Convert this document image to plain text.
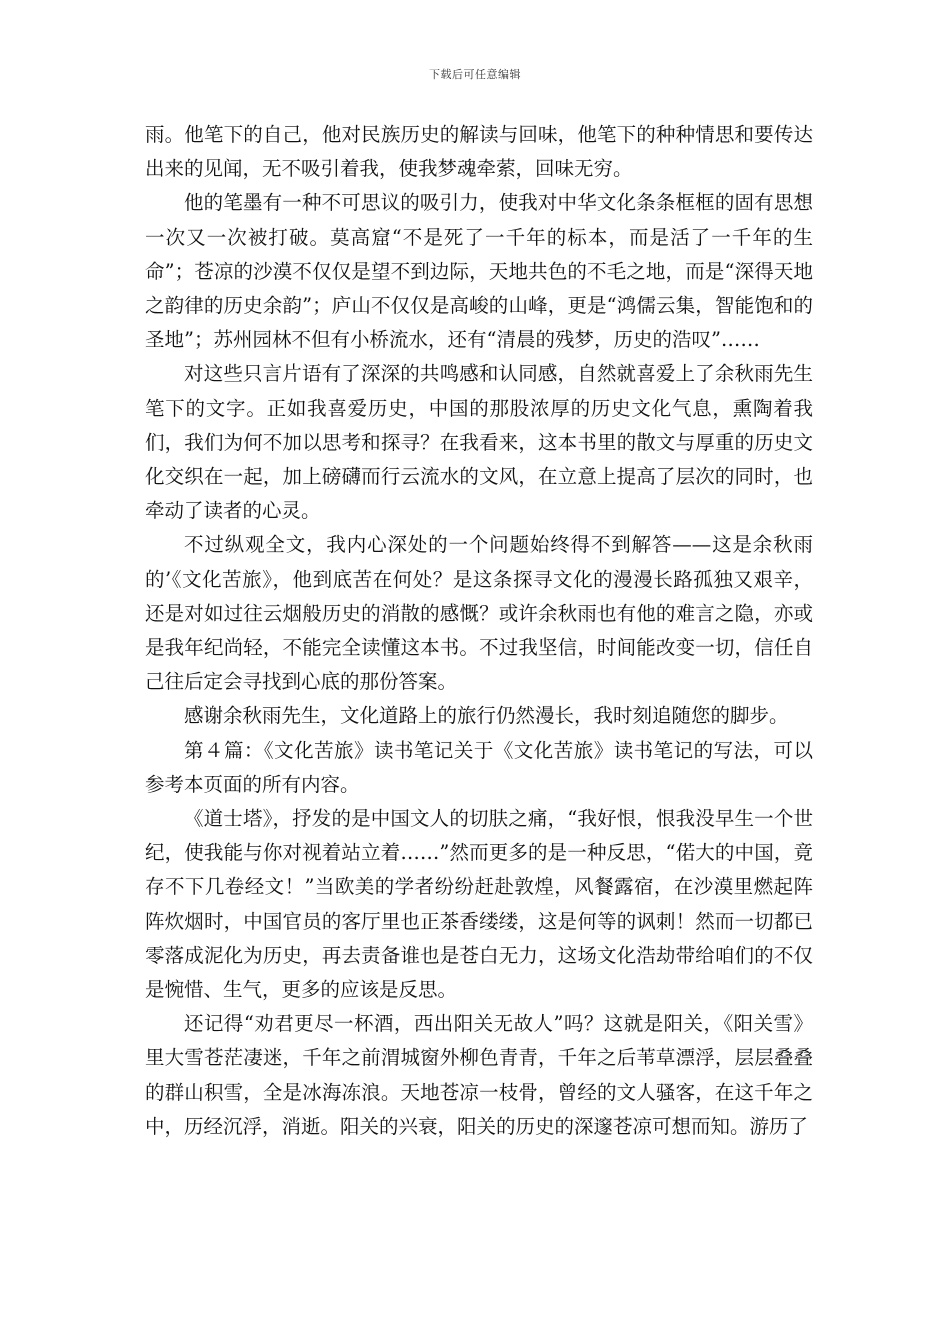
下载后可任意编辑

雨。他笔下的自己，他对民族历史的解读与回味，他笔下的种种情思和要传达出来的见闻，无不吸引着我，使我梦魂牵萦，回味无穷。

他的笔墨有一种不可思议的吸引力，使我对中华文化条条框框的固有思想一次又一次被打破。莫高窟“不是死了一千年的标本，而是活了一千年的生命”；苍凉的沙漠不仅仅是望不到边际，天地共色的不毛之地，而是“深得天地之韵律的历史余韵”；庐山不仅仅是高峻的山峰，更是“鸿儒云集，智能饱和的圣地”；苏州园林不但有小桥流水，还有“清晨的残梦，历史的浩叹”……

对这些只言片语有了深深的共鸣感和认同感，自然就喜爱上了余秋雨先生笔下的文字。正如我喜爱历史，中国的那股浓厚的历史文化气息，熏陶着我们，我们为何不加以思考和探寻？在我看来，这本书里的散文与厚重的历史文化交织在一起，加上磅礴而行云流水的文风，在立意上提高了层次的同时，也牵动了读者的心灵。

不过纵观全文，我内心深处的一个问题始终得不到解答——这是余秋雨的’《文化苦旅》，他到底苦在何处？是这条探寻文化的漫漫长路孤独又艰辛，还是对如过往云烟般历史的消散的感慨？或许余秋雨也有他的难言之隐，亦或是我年纪尚轻，不能完全读懂这本书。不过我坚信，时间能改变一切，信任自己往后定会寻找到心底的那份答案。

感谢余秋雨先生，文化道路上的旅行仍然漫长，我时刻追随您的脚步。

第４篇：《文化苦旅》读书笔记关于《文化苦旅》读书笔记的写法，可以参考本页面的所有内容。

《道士塔》，抒发的是中国文人的切肤之痛，“我好恨，恨我没早生一个世纪，使我能与你对视着站立着……”然而更多的是一种反思，“偌大的中国，竟存不下几卷经文！”当欧美的学者纷纷赶赴敦煌，风餐露宿，在沙漠里燃起阵阵炊烟时，中国官员的客厅里也正茶香缕缕，这是何等的讽刺！然而一切都已零落成泥化为历史，再去责备谁也是苍白无力，这场文化浩劫带给咱们的不仅是惋惜、生气，更多的应该是反思。

还记得“劝君更尽一杯酒，西出阳关无故人”吗？这就是阳关，《阳关雪》里大雪苍茫凄迷，千年之前渭城窗外柳色青青，千年之后苇草漂浮，层层叠叠的群山积雪，全是冰海冻浪。天地苍凉一枝骨，曾经的文人骚客，在这千年之中，历经沉浮，消逝。阳关的兴衰，阳关的历史的深邃苍凉可想而知。游历了
